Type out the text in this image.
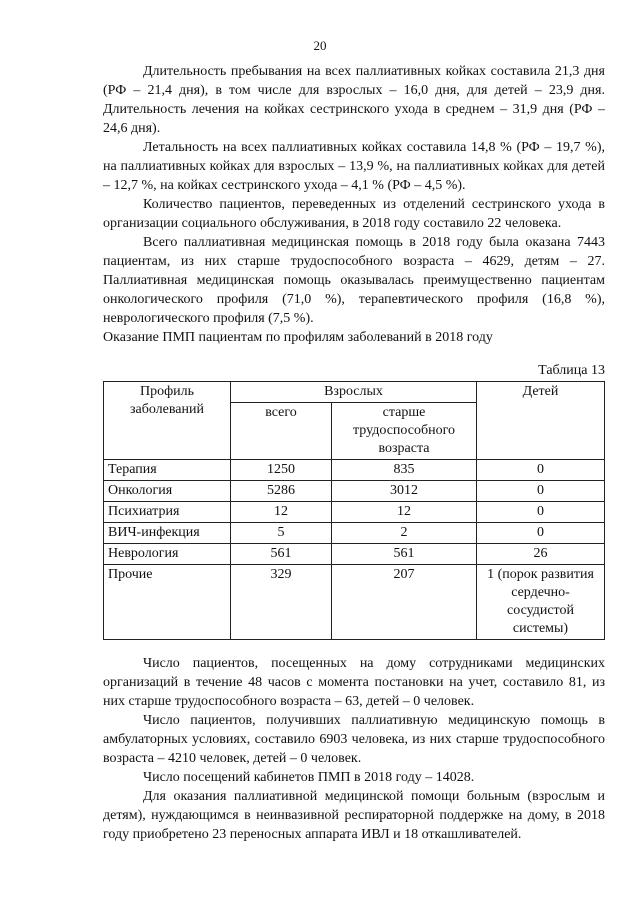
20

Длительность пребывания на всех паллиативных койках составила 21,3 дня (РФ – 21,4 дня), в том числе для взрослых – 16,0 дня, для детей – 23,9 дня. Длительность лечения на койках сестринского ухода в среднем – 31,9 дня (РФ – 24,6 дня).

Летальность на всех паллиативных койках составила 14,8 % (РФ – 19,7 %), на паллиативных койках для взрослых – 13,9 %, на паллиативных койках для детей – 12,7 %, на койках сестринского ухода – 4,1 % (РФ – 4,5 %).

Количество пациентов, переведенных из отделений сестринского ухода в организации социального обслуживания, в 2018 году составило 22 человека.

Всего паллиативная медицинская помощь в 2018 году была оказана 7443 пациентам, из них старше трудоспособного возраста – 4629, детям – 27. Паллиативная медицинская помощь оказывалась преимущественно пациентам онкологического профиля (71,0 %), терапевтического профиля (16,8 %), неврологического профиля (7,5 %).

Оказание ПМП пациентам по профилям заболеваний в 2018 году

Таблица 13
Профиль заболеваний	Взрослых		Детей
	всего	старше трудоспособного возраста	
Терапия	1250	835	0
Онкология	5286	3012	0
Психиатрия	12	12	0
ВИЧ-инфекция	5	2	0
Неврология	561	561	26
Прочие	329	207	1 (порок развития сердечно-сосудистой системы)

Число пациентов, посещенных на дому сотрудниками медицинских организаций в течение 48 часов с момента постановки на учет, составило 81, из них старше трудоспособного возраста – 63, детей – 0 человек.

Число пациентов, получивших паллиативную медицинскую помощь в амбулаторных условиях, составило 6903 человека, из них старше трудоспособного возраста – 4210 человек, детей – 0 человек.

Число посещений кабинетов ПМП в 2018 году – 14028.

Для оказания паллиативной медицинской помощи больным (взрослым и детям), нуждающимся в неинвазивной респираторной поддержке на дому, в 2018 году приобретено 23 переносных аппарата ИВЛ и 18 откашливателей.
